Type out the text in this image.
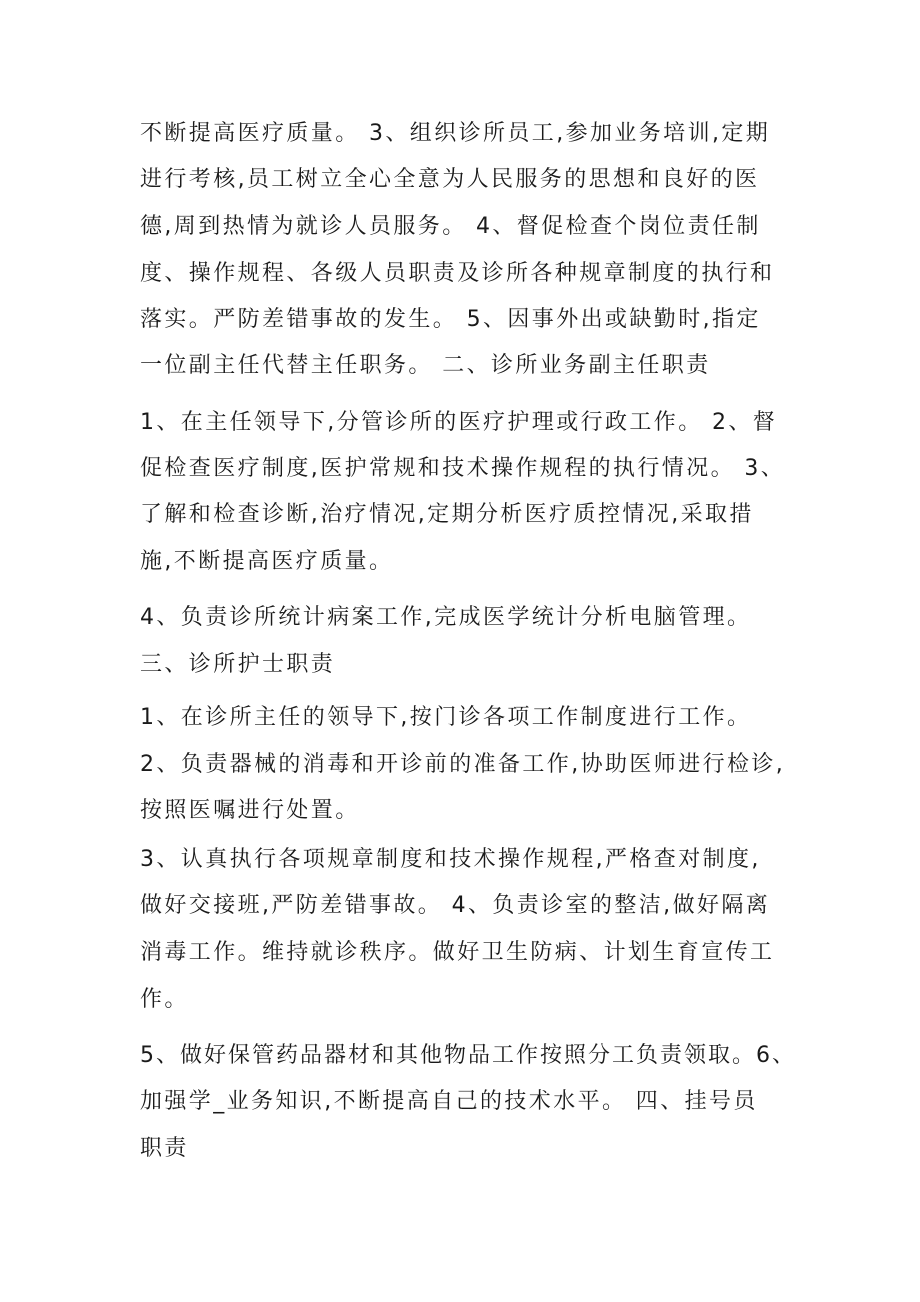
不断提高医疗质量。 3、组织诊所员工,参加业务培训,定期
进行考核,员工树立全心全意为人民服务的思想和良好的医
德,周到热情为就诊人员服务。 4、督促检查个岗位责任制
度、操作规程、各级人员职责及诊所各种规章制度的执行和
落实。严防差错事故的发生。 5、因事外出或缺勤时,指定
一位副主任代替主任职务。 二、诊所业务副主任职责
1、在主任领导下,分管诊所的医疗护理或行政工作。 2、督
促检查医疗制度,医护常规和技术操作规程的执行情况。 3、
了解和检查诊断,治疗情况,定期分析医疗质控情况,采取措
施,不断提高医疗质量。
4、负责诊所统计病案工作,完成医学统计分析电脑管理。
三、诊所护士职责
1、在诊所主任的领导下,按门诊各项工作制度进行工作。
2、负责器械的消毒和开诊前的准备工作,协助医师进行检诊,
按照医嘱进行处置。
3、认真执行各项规章制度和技术操作规程,严格查对制度,
做好交接班,严防差错事故。 4、负责诊室的整洁,做好隔离
消毒工作。维持就诊秩序。做好卫生防病、计划生育宣传工
作。
5、做好保管药品器材和其他物品工作按照分工负责领取。6、
加强学_业务知识,不断提高自己的技术水平。 四、挂号员
职责
